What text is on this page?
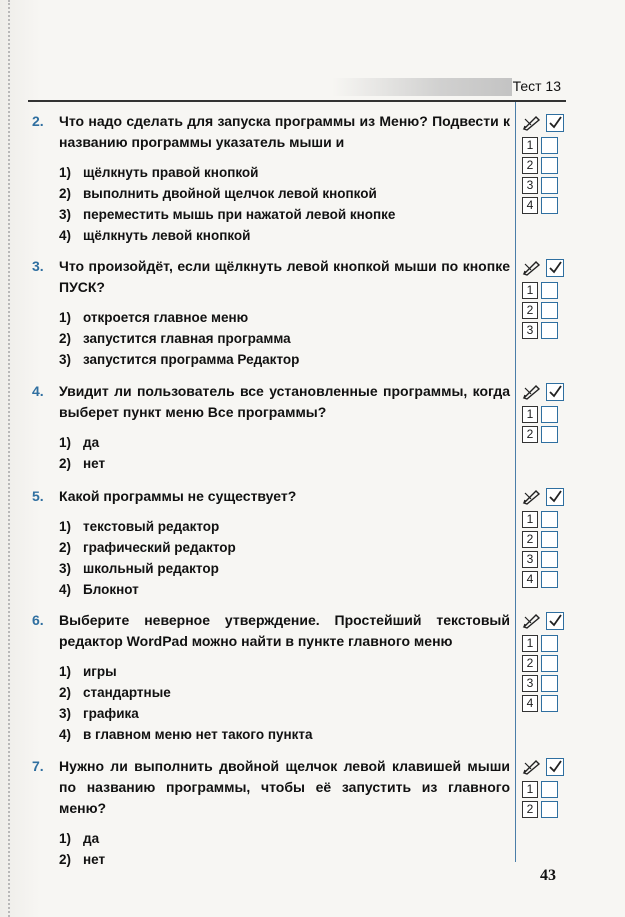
Тест 13
2.	Что надо сделать для запуска программы из Меню? Подвести к названию программы указатель мыши и
1) щёлкнуть правой кнопкой
2) выполнить двойной щелчок левой кнопкой
3) переместить мышь при нажатой левой кнопке
4) щёлкнуть левой кнопкой
1
2
3
4
3.	Что произойдёт, если щёлкнуть левой кнопкой мыши по кнопке ПУСК?
1) откроется главное меню
2) запустится главная программа
3) запустится программа Редактор
1
2
3
4.	Увидит ли пользователь все установленные программы, когда выберет пункт меню Все программы?
1) да
2) нет
1
2
5.	Какой программы не существует?
1) текстовый редактор
2) графический редактор
3) школьный редактор
4) Блокнот
1
2
3
4
6.	Выберите неверное утверждение. Простейший текстовый редактор WordPad можно найти в пункте главного меню
1) игры
2) стандартные
3) графика
4) в главном меню нет такого пункта
1
2
3
4
7.	Нужно ли выполнить двойной щелчок левой клавишей мыши по названию программы, чтобы её запустить из главного меню?
1) да
2) нет
1
2
43
